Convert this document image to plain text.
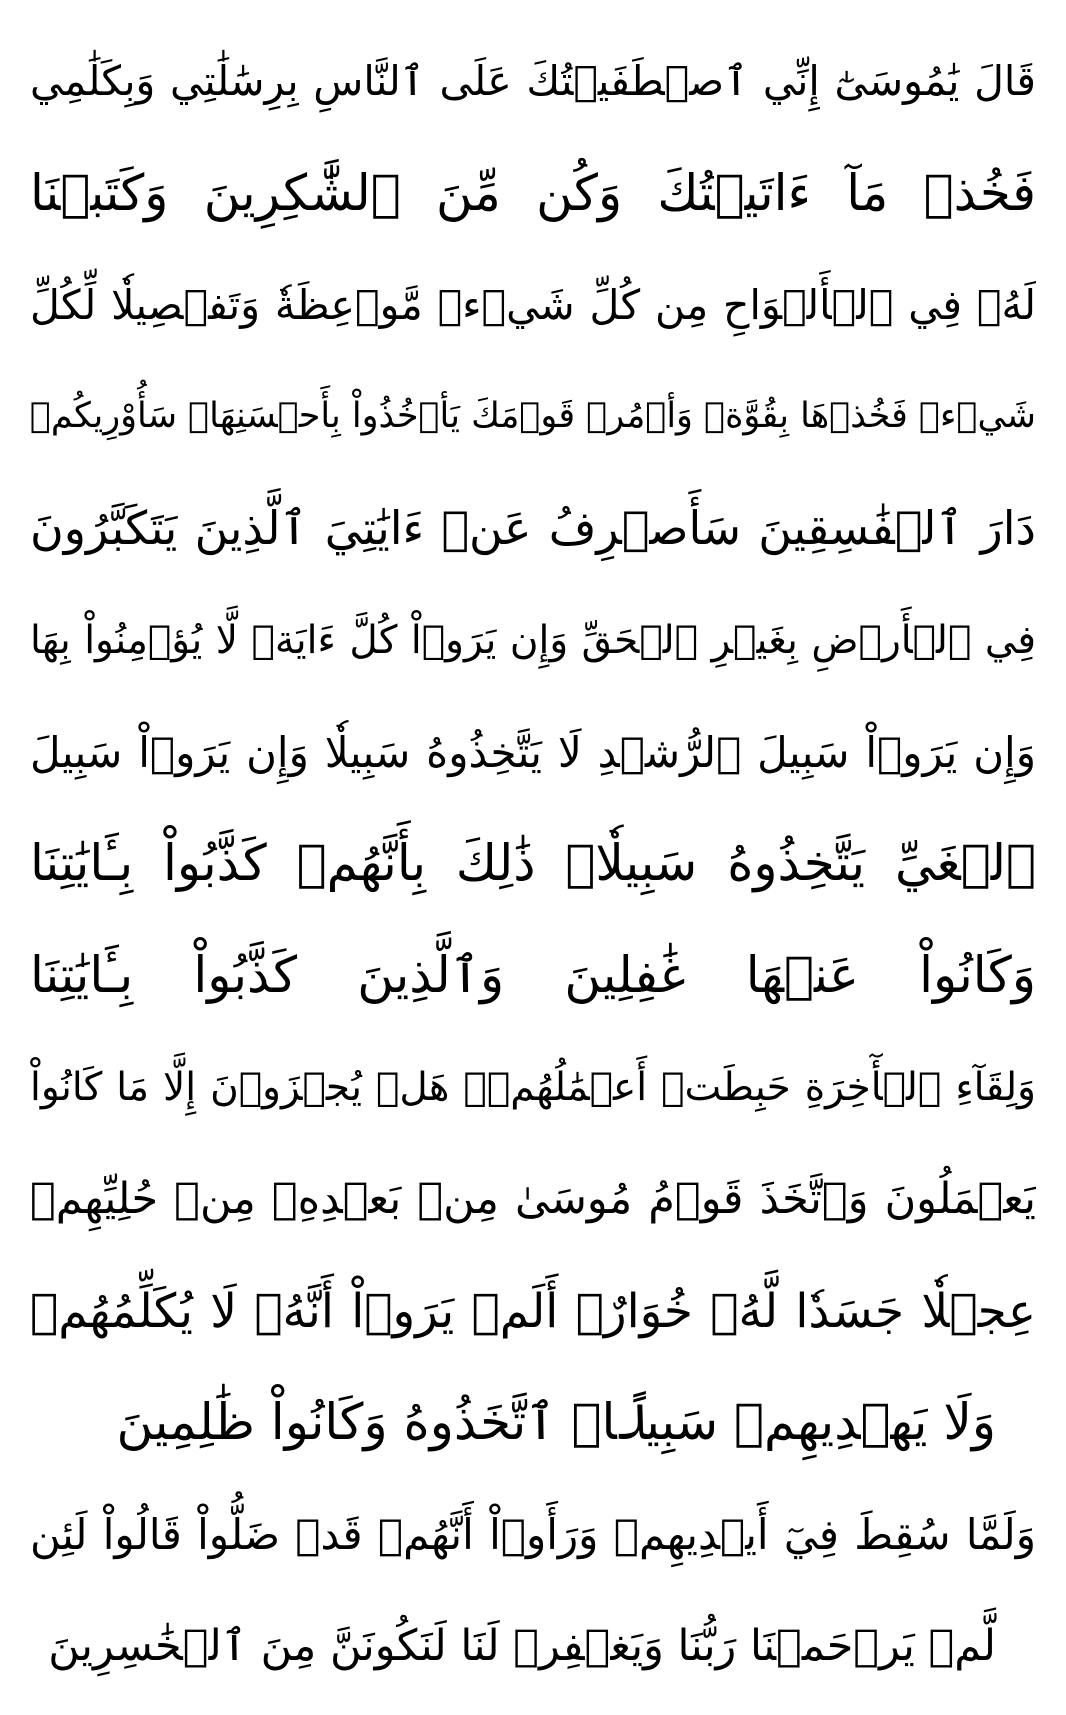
قَالَ يَٰمُوسَىٰٓ إِنِّي ٱصۡطَفَيۡتُكَ عَلَى ٱلنَّاسِ بِرِسَٰلَٰتِي وَبِكَلَٰمِي
فَخُذۡ مَآ ءَاتَيۡتُكَ وَكُن مِّنَ ٱلشَّٰكِرِينَ وَكَتَبۡنَا
لَهُۥ فِي ٱلۡأَلۡوَاحِ مِن كُلِّ شَيۡءٖ مَّوۡعِظَةٗ وَتَفۡصِيلٗا لِّكُلِّ
شَيۡءٖ فَخُذۡهَا بِقُوَّةٖ وَأۡمُرۡ قَوۡمَكَ يَأۡخُذُواْ بِأَحۡسَنِهَاۚ سَأُوْرِيكُمۡ
دَارَ ٱلۡفَٰسِقِينَ سَأَصۡرِفُ عَنۡ ءَايَٰتِيَ ٱلَّذِينَ يَتَكَبَّرُونَ
فِي ٱلۡأَرۡضِ بِغَيۡرِ ٱلۡحَقِّ وَإِن يَرَوۡاْ كُلَّ ءَايَةٖ لَّا يُؤۡمِنُواْ بِهَا
وَإِن يَرَوۡاْ سَبِيلَ ٱلرُّشۡدِ لَا يَتَّخِذُوهُ سَبِيلٗا وَإِن يَرَوۡاْ سَبِيلَ
ٱلۡغَيِّ يَتَّخِذُوهُ سَبِيلٗاۚ ذَٰلِكَ بِأَنَّهُمۡ كَذَّبُواْ بِـَٔايَٰتِنَا
وَكَانُواْ عَنۡهَا غَٰفِلِينَ وَٱلَّذِينَ كَذَّبُواْ بِـَٔايَٰتِنَا
وَلِقَآءِ ٱلۡأٓخِرَةِ حَبِطَتۡ أَعۡمَٰلُهُمۡۚ هَلۡ يُجۡزَوۡنَ إِلَّا مَا كَانُواْ
يَعۡمَلُونَ وَٱتَّخَذَ قَوۡمُ مُوسَىٰ مِنۢ بَعۡدِهِۦ مِنۡ حُلِيِّهِمۡ
عِجۡلٗا جَسَدٗا لَّهُۥ خُوَارٌۚ أَلَمۡ يَرَوۡاْ أَنَّهُۥ لَا يُكَلِّمُهُمۡ
وَلَا يَهۡدِيهِمۡ سَبِيلًاۘ ٱتَّخَذُوهُ وَكَانُواْ ظَٰلِمِينَ
وَلَمَّا سُقِطَ فِيٓ أَيۡدِيهِمۡ وَرَأَوۡاْ أَنَّهُمۡ قَدۡ ضَلُّواْ قَالُواْ لَئِن
لَّمۡ يَرۡحَمۡنَا رَبُّنَا وَيَغۡفِرۡ لَنَا لَنَكُونَنَّ مِنَ ٱلۡخَٰسِرِينَ
